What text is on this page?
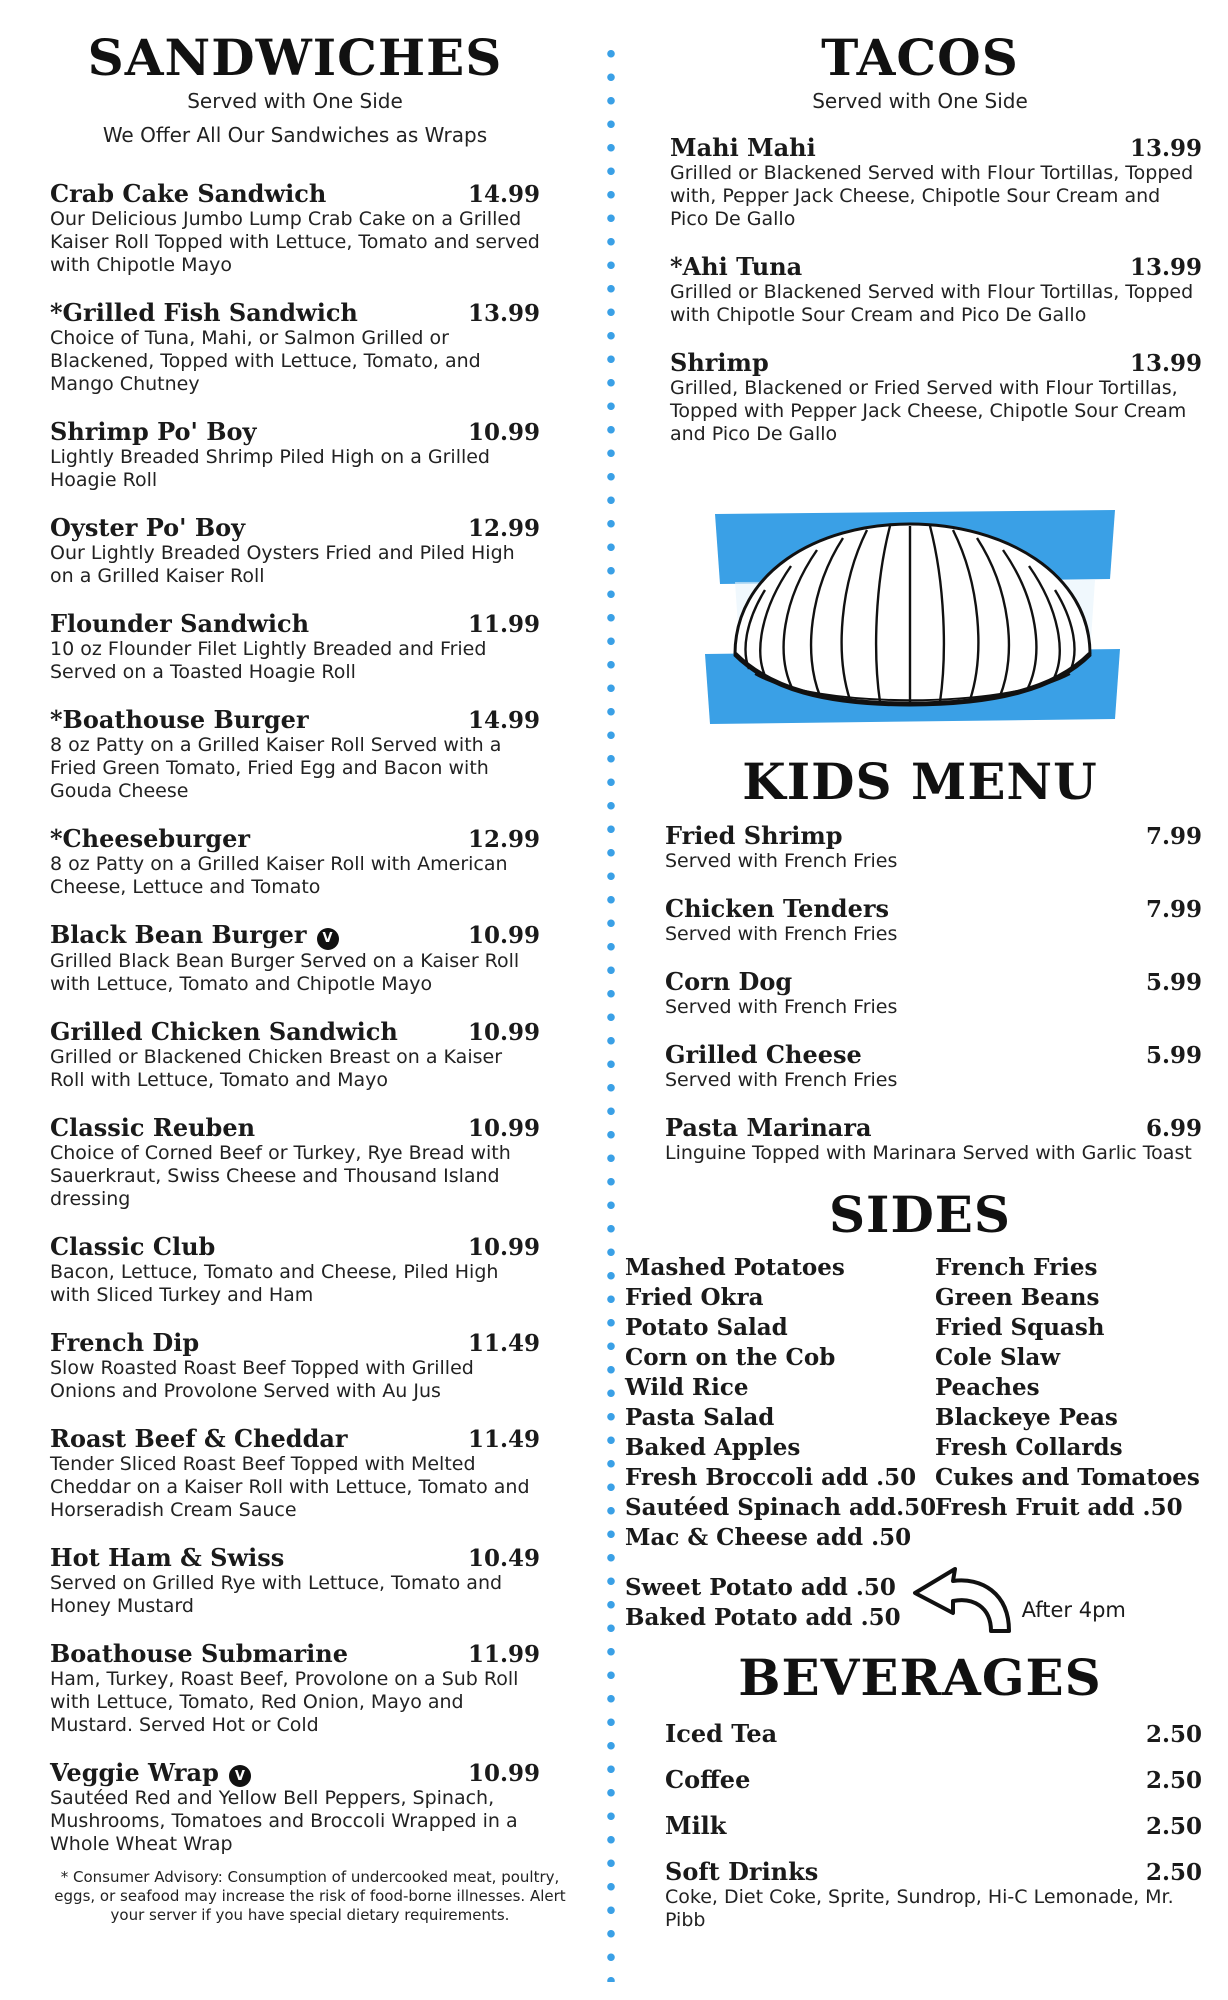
SANDWICHES

Served with One Side

We Offer All Our Sandwiches as Wraps

Crab Cake Sandwich	14.99
Our Delicious Jumbo Lump Crab Cake on a Grilled Kaiser Roll Topped with Lettuce, Tomato and served with Chipotle Mayo
*Grilled Fish Sandwich	13.99
Choice of Tuna, Mahi, or Salmon Grilled or Blackened, Topped with Lettuce, Tomato, and Mango Chutney
Shrimp Po' Boy	10.99
Lightly Breaded Shrimp Piled High on a Grilled Hoagie Roll
Oyster Po' Boy	12.99
Our Lightly Breaded Oysters Fried and Piled High on a Grilled Kaiser Roll
Flounder Sandwich	11.99
10 oz Flounder Filet Lightly Breaded and Fried Served on a Toasted Hoagie Roll
*Boathouse Burger	14.99
8 oz Patty on a Grilled Kaiser Roll Served with a Fried Green Tomato, Fried Egg and Bacon with Gouda Cheese
*Cheeseburger	12.99
8 oz Patty on a Grilled Kaiser Roll with American Cheese, Lettuce and Tomato
Black Bean Burger V	10.99
Grilled Black Bean Burger Served on a Kaiser Roll with Lettuce, Tomato and Chipotle Mayo
Grilled Chicken Sandwich	10.99
Grilled or Blackened Chicken Breast on a Kaiser Roll with Lettuce, Tomato and Mayo
Classic Reuben	10.99
Choice of Corned Beef or Turkey, Rye Bread with Sauerkraut, Swiss Cheese and Thousand Island dressing
Classic Club	10.99
Bacon, Lettuce, Tomato and Cheese, Piled High with Sliced Turkey and Ham
French Dip	11.49
Slow Roasted Roast Beef Topped with Grilled Onions and Provolone Served with Au Jus
Roast Beef & Cheddar	11.49
Tender Sliced Roast Beef Topped with Melted Cheddar on a Kaiser Roll with Lettuce, Tomato and Horseradish Cream Sauce
Hot Ham & Swiss	10.49
Served on Grilled Rye with Lettuce, Tomato and Honey Mustard
Boathouse Submarine	11.99
Ham, Turkey, Roast Beef, Provolone on a Sub Roll with Lettuce, Tomato, Red Onion, Mayo and Mustard. Served Hot or Cold
Veggie Wrap V	10.99
Sautéed Red and Yellow Bell Peppers, Spinach, Mushrooms, Tomatoes and Broccoli Wrapped in a Whole Wheat Wrap
* Consumer Advisory: Consumption of undercooked meat, poultry, eggs, or seafood may increase the risk of food-borne illnesses. Alert your server if you have special dietary requirements.
TACOS

Served with One Side

Mahi Mahi	13.99
Grilled or Blackened Served with Flour Tortillas, Topped with, Pepper Jack Cheese, Chipotle Sour Cream and Pico De Gallo
*Ahi Tuna	13.99
Grilled or Blackened Served with Flour Tortillas, Topped with Chipotle Sour Cream and Pico De Gallo
Shrimp	13.99
Grilled, Blackened or Fried Served with Flour Tortillas, Topped with Pepper Jack Cheese, Chipotle Sour Cream and Pico De Gallo
KIDS MENU
Fried Shrimp	7.99
Served with French Fries
Chicken Tenders	7.99
Served with French Fries
Corn Dog	5.99
Served with French Fries
Grilled Cheese	5.99
Served with French Fries
Pasta Marinara	6.99
Linguine Topped with Marinara Served with Garlic Toast
SIDES
Mashed Potatoes
Fried Okra
Potato Salad
Corn on the Cob
Wild Rice
Pasta Salad
Baked Apples
Fresh Broccoli add .50
Sautéed Spinach add.50
Mac & Cheese add .50
French Fries
Green Beans
Fried Squash
Cole Slaw
Peaches
Blackeye Peas
Fresh Collards
Cukes and Tomatoes
Fresh Fruit add .50
Sweet Potato add .50
Baked Potato add .50	After 4pm
BEVERAGES
Iced Tea	2.50
Coffee	2.50
Milk	2.50
Soft Drinks	2.50
Coke, Diet Coke, Sprite, Sundrop, Hi-C Lemonade, Mr. Pibb
